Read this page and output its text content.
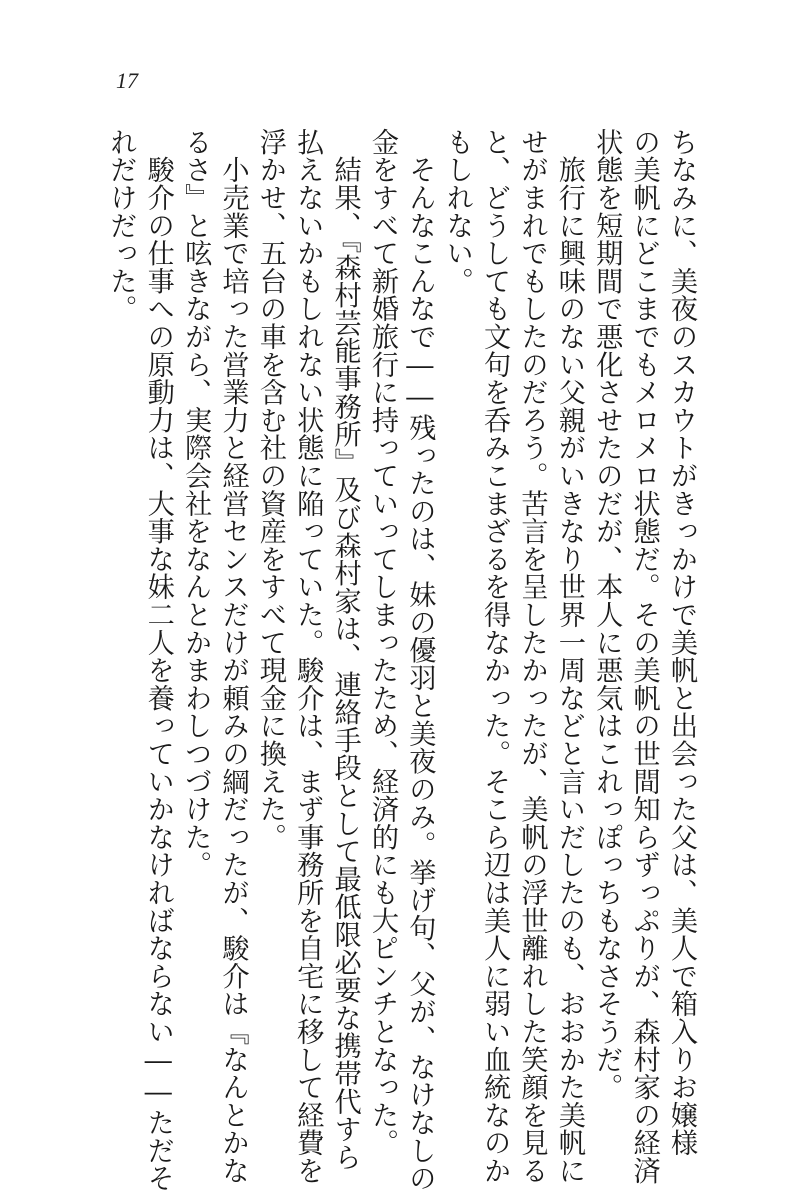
17
ちなみに、美夜のスカウトがきっかけで美帆と出会った父は、美人で箱入りお嬢様
の美帆にどこまでもメロメロ状態だ。その美帆の世間知らずっぷりが、森村家の経済
状態を短期間で悪化させたのだが、本人に悪気はこれっぽっちもなさそうだ。
　旅行に興味のない父親がいきなり世界一周などと言いだしたのも、おおかた美帆に
せがまれでもしたのだろう。苦言を呈したかったが、美帆の浮世離れした笑顔を見る
と、どうしても文句を呑みこまざるを得なかった。そこら辺は美人に弱い血統なのか
もしれない。
　そんなこんなで――残ったのは、妹の優羽と美夜のみ。挙げ句、父が、なけなしの
金をすべて新婚旅行に持っていってしまったため、経済的にも大ピンチとなった。
　結果、『森村芸能事務所』及び森村家は、連絡手段として最低限必要な携帯代すら
払えないかもしれない状態に陥っていた。駿介は、まず事務所を自宅に移して経費を
浮かせ、五台の車を含む社の資産をすべて現金に換えた。
　小売業で培った営業力と経営センスだけが頼みの綱だったが、駿介は『なんとかな
るさ』と呟きながら、実際会社をなんとかまわしつづけた。
　駿介の仕事への原動力は、大事な妹二人を養っていかなければならない――ただそ
れだけだった。
